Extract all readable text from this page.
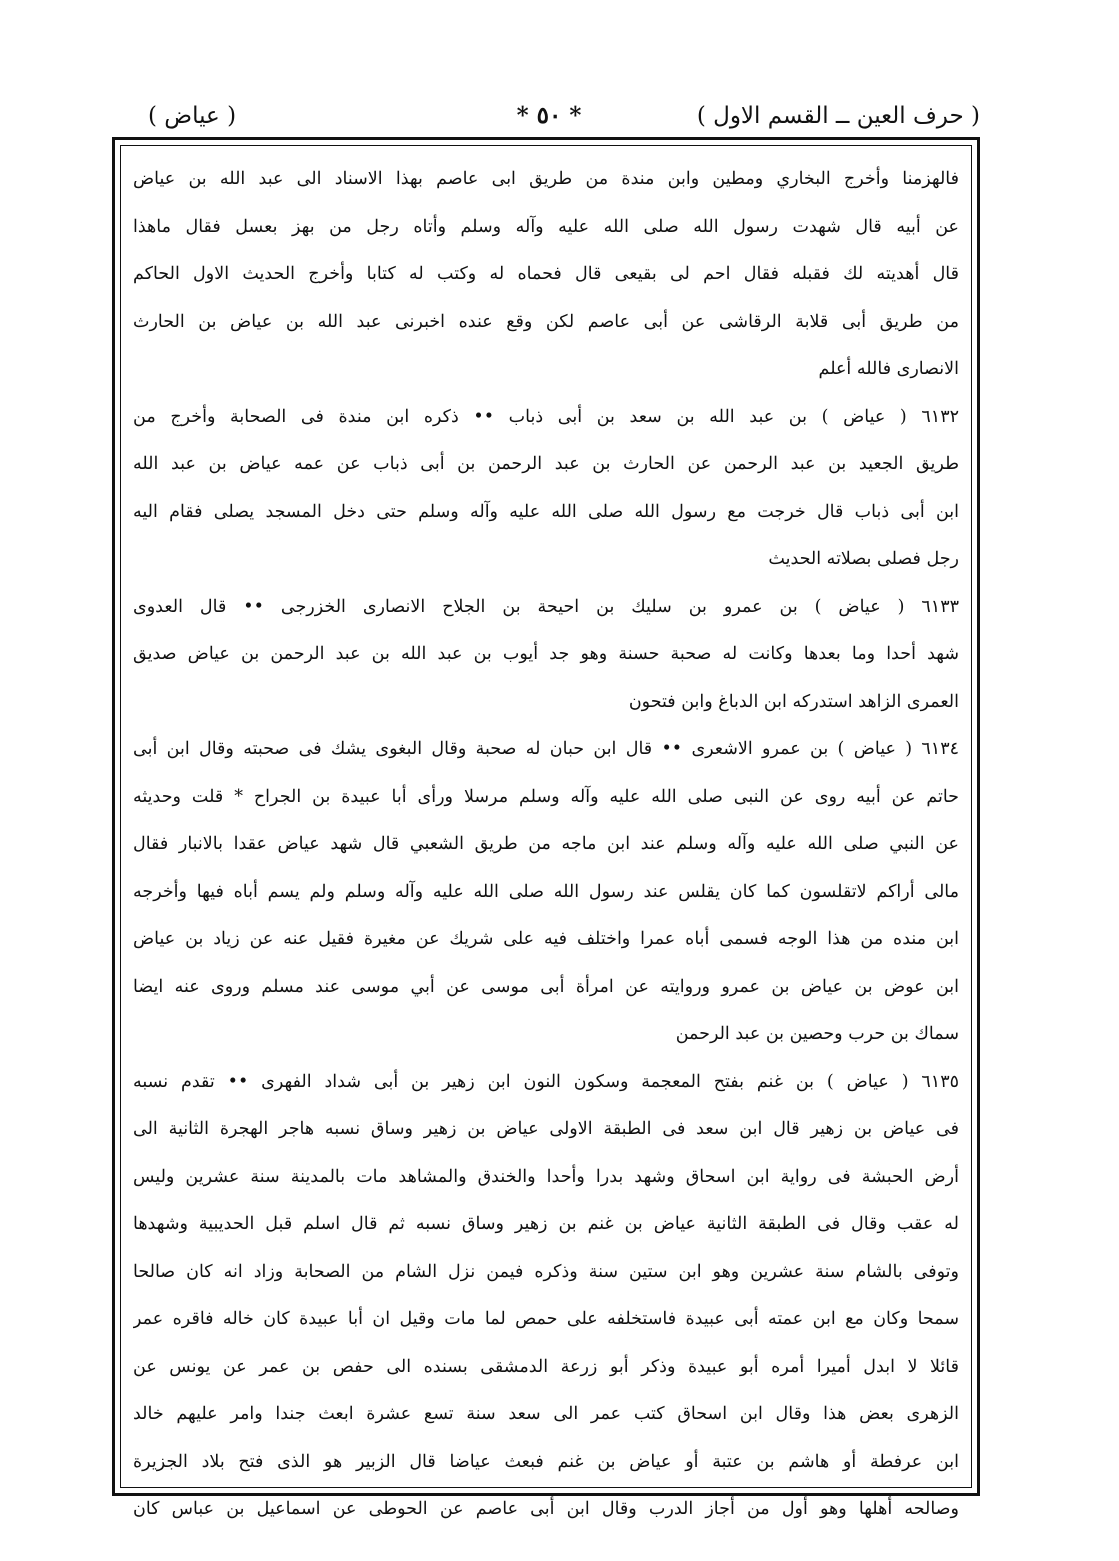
( حرف العين ــ القسم الاول )
* ٥٠ *
( عياض )
فالهزمنا وأخرج البخاري ومطين وابن مندة من طريق ابى عاصم بهذا الاسناد الى عبد الله بن عياض
عن أبيه قال شهدت رسول الله صلى الله عليه وآله وسلم وأتاه رجل من بهز بعسل فقال ماهذا
قال أهديته لك فقبله فقال احم لى بقيعى قال فحماه له وكتب له كتابا وأخرج الحديث الاول الحاكم
من طريق أبى قلابة الرقاشى عن أبى عاصم لكن وقع عنده اخبرنى عبد الله بن عياض بن الحارث
الانصارى فالله أعلم
٦١٣٢ ( عياض ) بن عبد الله بن سعد بن أبى ذباب •• ذكره ابن مندة فى الصحابة وأخرج من
طريق الجعيد بن عبد الرحمن عن الحارث بن عبد الرحمن بن أبى ذباب عن عمه عياض بن عبد الله
ابن أبى ذباب قال خرجت مع رسول الله صلى الله عليه وآله وسلم حتى دخل المسجد يصلى فقام اليه
رجل فصلى بصلاته الحديث
٦١٣٣ ( عياض ) بن عمرو بن سليك بن احيحة بن الجلاح الانصارى الخزرجى •• قال العدوى
شهد أحدا وما بعدها وكانت له صحبة حسنة وهو جد أيوب بن عبد الله بن عبد الرحمن بن عياض صديق
العمرى الزاهد استدركه ابن الدباغ وابن فتحون
٦١٣٤ ( عياض ) بن عمرو الاشعرى •• قال ابن حبان له صحبة وقال البغوى يشك فى صحبته وقال ابن أبى
حاتم عن أبيه روى عن النبى صلى الله عليه وآله وسلم مرسلا ورأى أبا عبيدة بن الجراح * قلت وحديثه
عن النبي صلى الله عليه وآله وسلم عند ابن ماجه من طريق الشعبي قال شهد عياض عقدا بالانبار فقال
مالى أراكم لاتقلسون كما كان يقلس عند رسول الله صلى الله عليه وآله وسلم ولم يسم أباه فيها وأخرجه
ابن منده من هذا الوجه فسمى أباه عمرا واختلف فيه على شريك عن مغيرة فقيل عنه عن زياد بن عياض
ابن عوض بن عياض بن عمرو وروايته عن امرأة أبى موسى عن أبي موسى عند مسلم وروى عنه ايضا
سماك بن حرب وحصين بن عبد الرحمن
٦١٣٥ ( عياض ) بن غنم بفتح المعجمة وسكون النون ابن زهير بن أبى شداد الفهرى •• تقدم نسبه
فى عياض بن زهير قال ابن سعد فى الطبقة الاولى عياض بن زهير وساق نسبه هاجر الهجرة الثانية الى
أرض الحبشة فى رواية ابن اسحاق وشهد بدرا وأحدا والخندق والمشاهد مات بالمدينة سنة عشرين وليس
له عقب وقال فى الطبقة الثانية عياض بن غنم بن زهير وساق نسبه ثم قال اسلم قبل الحديبية وشهدها
وتوفى بالشام سنة عشرين وهو ابن ستين سنة وذكره فيمن نزل الشام من الصحابة وزاد انه كان صالحا
سمحا وكان مع ابن عمته أبى عبيدة فاستخلفه على حمص لما مات وقيل ان أبا عبيدة كان خاله فاقره عمر
قائلا لا ابدل أميرا أمره أبو عبيدة وذكر أبو زرعة الدمشقى بسنده الى حفص بن عمر عن يونس عن
الزهرى بعض هذا وقال ابن اسحاق كتب عمر الى سعد سنة تسع عشرة ابعث جندا وامر عليهم خالد
ابن عرفطة أو هاشم بن عتبة أو عياض بن غنم فبعث عياضا قال الزبير هو الذى فتح بلاد الجزيرة
وصالحه أهلها وهو أول من أجاز الدرب وقال ابن أبى عاصم عن الحوطى عن اسماعيل بن عباس كان
